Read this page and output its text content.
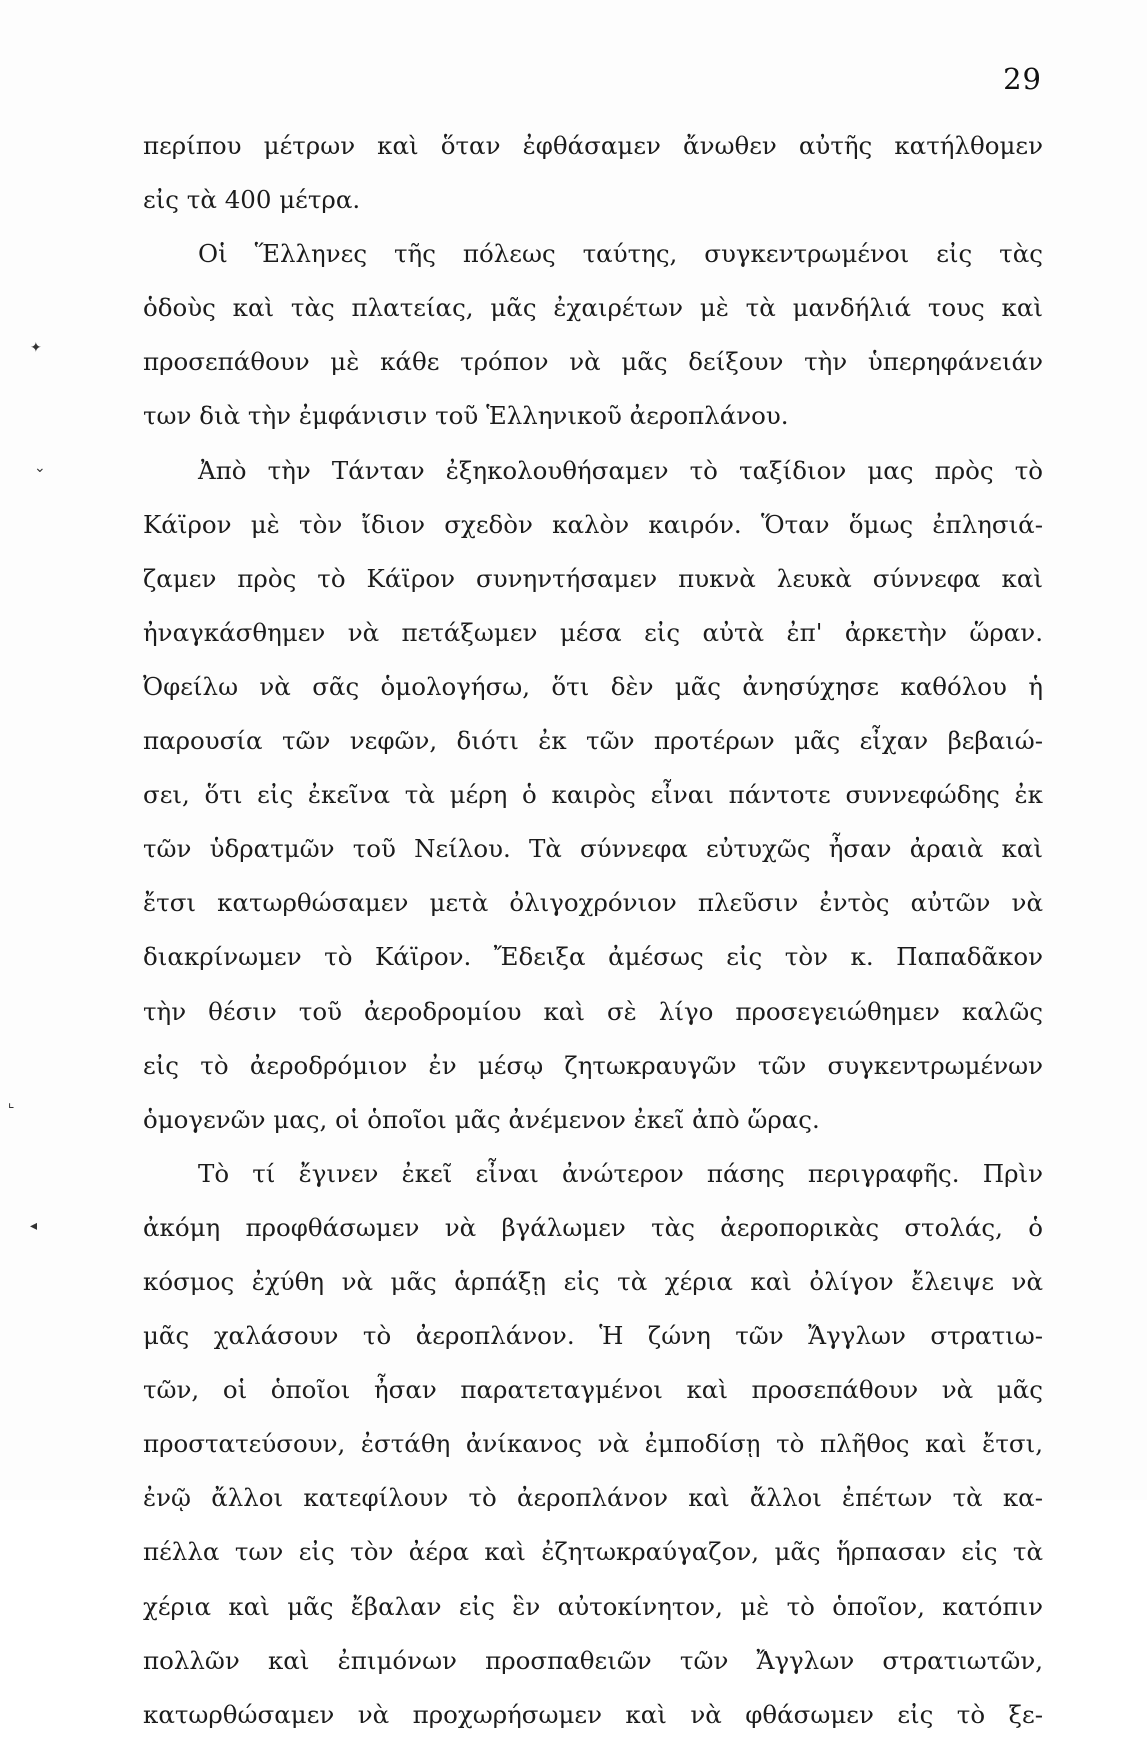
29
✦
⌄
⌞
◂
περίπου μέτρων καὶ ὅταν ἐφθάσαμεν ἄνωθεν αὐτῆς κατήλθομεν
εἰς τὰ 400 μέτρα.
Οἱ Ἕλληνες τῆς πόλεως ταύτης, συγκεντρωμένοι εἰς τὰς
ὁδοὺς καὶ τὰς πλατείας, μᾶς ἐχαιρέτων μὲ τὰ μανδήλιά τους καὶ
προσεπάθουν μὲ κάθε τρόπον νὰ μᾶς δείξουν τὴν ὑπερηφάνειάν
των διὰ τὴν ἐμφάνισιν τοῦ Ἑλληνικοῦ ἀεροπλάνου.
Ἀπὸ τὴν Τάνταν ἐξηκολουθήσαμεν τὸ ταξίδιον μας πρὸς τὸ
Κάϊρον μὲ τὸν ἴδιον σχεδὸν καλὸν καιρόν. Ὅταν ὅμως ἐπλησιά-
ζαμεν πρὸς τὸ Κάϊρον συνηντήσαμεν πυκνὰ λευκὰ σύννεφα καὶ
ἠναγκάσθημεν νὰ πετάξωμεν μέσα εἰς αὐτὰ ἐπ' ἀρκετὴν ὥραν.
Ὀφείλω νὰ σᾶς ὁμολογήσω, ὅτι δὲν μᾶς ἀνησύχησε καθόλου ἡ
παρουσία τῶν νεφῶν, διότι ἐκ τῶν προτέρων μᾶς εἶχαν βεβαιώ-
σει, ὅτι εἰς ἐκεῖνα τὰ μέρη ὁ καιρὸς εἶναι πάντοτε συννεφώδης ἐκ
τῶν ὑδρατμῶν τοῦ Νείλου. Τὰ σύννεφα εὐτυχῶς ἦσαν ἀραιὰ καὶ
ἔτσι κατωρθώσαμεν μετὰ ὀλιγοχρόνιον πλεῦσιν ἐντὸς αὐτῶν νὰ
διακρίνωμεν τὸ Κάϊρον. Ἔδειξα ἀμέσως εἰς τὸν κ. Παπαδᾶκον
τὴν θέσιν τοῦ ἀεροδρομίου καὶ σὲ λίγο προσεγειώθημεν καλῶς
εἰς τὸ ἀεροδρόμιον ἐν μέσῳ ζητωκραυγῶν τῶν συγκεντρωμένων
ὁμογενῶν μας, οἱ ὁποῖοι μᾶς ἀνέμενον ἐκεῖ ἀπὸ ὥρας.
Τὸ τί ἔγινεν ἐκεῖ εἶναι ἀνώτερον πάσης περιγραφῆς. Πρὶν
ἀκόμη προφθάσωμεν νὰ βγάλωμεν τὰς ἀεροπορικὰς στολάς, ὁ
κόσμος ἐχύθη νὰ μᾶς ἁρπάξῃ εἰς τὰ χέρια καὶ ὀλίγον ἔλειψε νὰ
μᾶς χαλάσουν τὸ ἀεροπλάνον. Ἡ ζώνη τῶν Ἄγγλων στρατιω-
τῶν, οἱ ὁποῖοι ἦσαν παρατεταγμένοι καὶ προσεπάθουν νὰ μᾶς
προστατεύσουν, ἐστάθη ἀνίκανος νὰ ἐμποδίσῃ τὸ πλῆθος καὶ ἔτσι,
ἐνῷ ἄλλοι κατεφίλουν τὸ ἀεροπλάνον καὶ ἄλλοι ἐπέτων τὰ κα-
πέλλα των εἰς τὸν ἀέρα καὶ ἐζητωκραύγαζον, μᾶς ἥρπασαν εἰς τὰ
χέρια καὶ μᾶς ἔβαλαν εἰς ἓν αὐτοκίνητον, μὲ τὸ ὁποῖον, κατόπιν
πολλῶν καὶ ἐπιμόνων προσπαθειῶν τῶν Ἄγγλων στρατιωτῶν,
κατωρθώσαμεν νὰ προχωρήσωμεν καὶ νὰ φθάσωμεν εἰς τὸ ξε-
